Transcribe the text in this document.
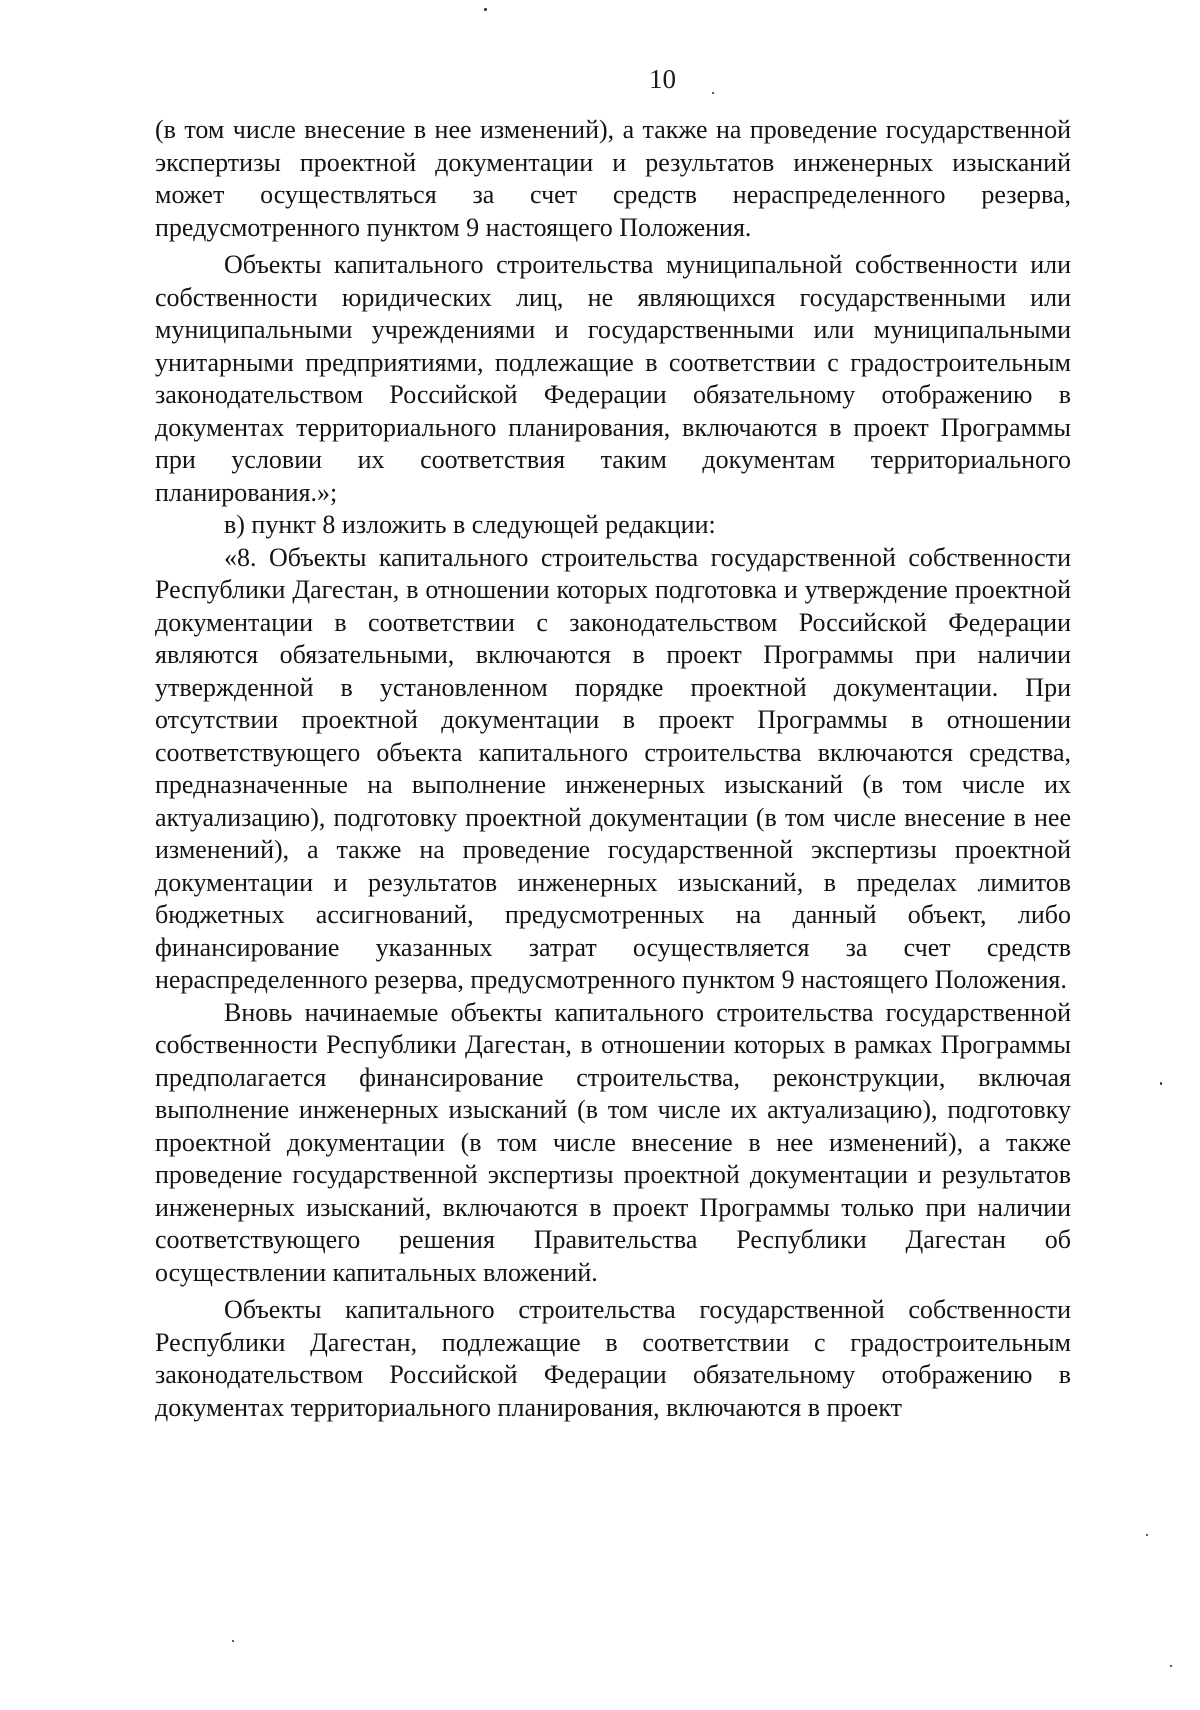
10

(в том числе внесение в нее изменений), а также на проведение государственной экспертизы проектной документации и результатов инженерных изысканий может осуществляться за счет средств нераспределенного резерва, предусмотренного пунктом 9 настоящего Положения.

Объекты капитального строительства муниципальной собственности или собственности юридических лиц, не являющихся государственными или муниципальными учреждениями и государственными или муниципальными унитарными предприятиями, подлежащие в соответствии с градостроительным законодательством Российской Федерации обязательному отображению в документах территориального планирования, включаются в проект Программы при условии их соответствия таким документам территориального планирования.»;

в) пункт 8 изложить в следующей редакции:

«8. Объекты капитального строительства государственной собственности Республики Дагестан, в отношении которых подготовка и утверждение проектной документации в соответствии с законодательством Российской Федерации являются обязательными, включаются в проект Программы при наличии утвержденной в установленном порядке проектной документации. При отсутствии проектной документации в проект Программы в отношении соответствующего объекта капитального строительства включаются средства, предназначенные на выполнение инженерных изысканий (в том числе их актуализацию), подготовку проектной документации (в том числе внесение в нее изменений), а также на проведение государственной экспертизы проектной документации и результатов инженерных изысканий, в пределах лимитов бюджетных ассигнований, предусмотренных на данный объект, либо финансирование указанных затрат осуществляется за счет средств нераспределенного резерва, предусмотренного пунктом 9 настоящего Положения.

Вновь начинаемые объекты капитального строительства государственной собственности Республики Дагестан, в отношении которых в рамках Программы предполагается финансирование строительства, реконструкции, включая выполнение инженерных изысканий (в том числе их актуализацию), подготовку проектной документации (в том числе внесение в нее изменений), а также проведение государственной экспертизы проектной документации и результатов инженерных изысканий, включаются в проект Программы только при наличии соответствующего решения Правительства Республики Дагестан об осуществлении капитальных вложений.

Объекты капитального строительства государственной собственности Республики Дагестан, подлежащие в соответствии с градостроительным законодательством Российской Федерации обязательному отображению в документах территориального планирования, включаются в проект
